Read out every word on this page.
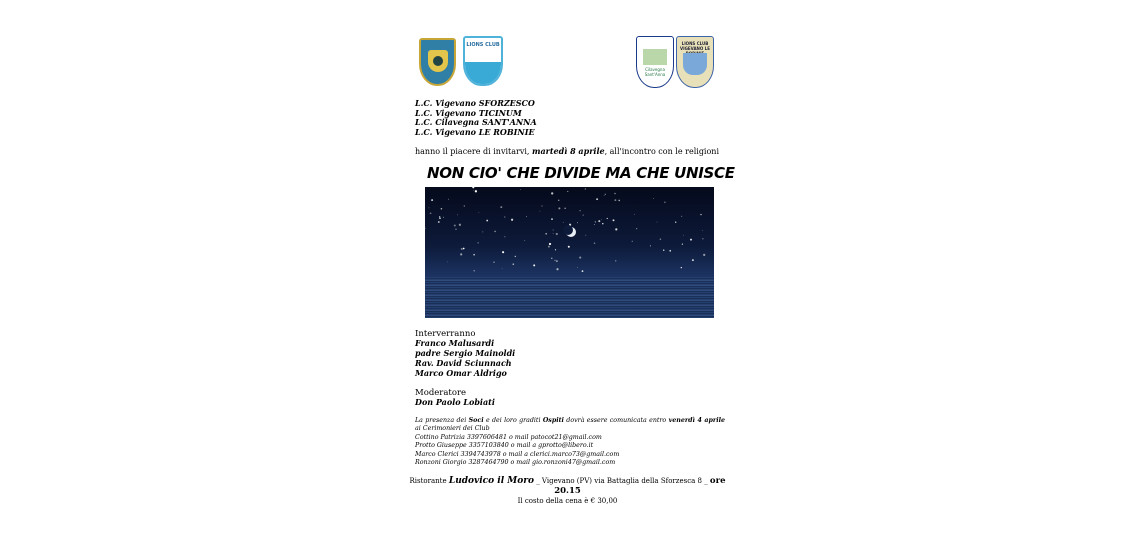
LIONS CLUB
Cilavegna Sant'Anna
LIONS CLUB VIGEVANO LE
L.C. Vigevano SFORZESCO
L.C. Vigevano TICINUM
L.C. Cilavegna SANT'ANNA
L.C. Vigevano LE ROBINIE
hanno il piacere di invitarvi, martedì 8 aprile, all'incontro con le religioni
NON CIO' CHE DIVIDE MA CHE UNISCE
Interverranno
Franco Malusardi
padre Sergio Mainoldi
Rav. David Sciunnach
Marco Omar Aldrigo
Moderatore
Don Paolo Lobiati
La presenza dei Soci e dei loro graditi Ospiti dovrà essere comunicata entro venerdì 4 aprile ai Cerimonieri dei Club
Cottino Patrizia 3397606481 o mail patocot21@gmail.com
Protto Giuseppe 3357103840 o mail a gprotto@libero.it
Marco Clerici 3394743978 o mail a clerici.marco73@gmail.com
Ronzoni Giorgio 3287464790 o mail gio.ronzoni47@gmail.com
Ristorante Ludovico il Moro _ Vigevano (PV) via Battaglia della Sforzesca 8 _ ore 20.15
Il costo della cena è € 30,00
